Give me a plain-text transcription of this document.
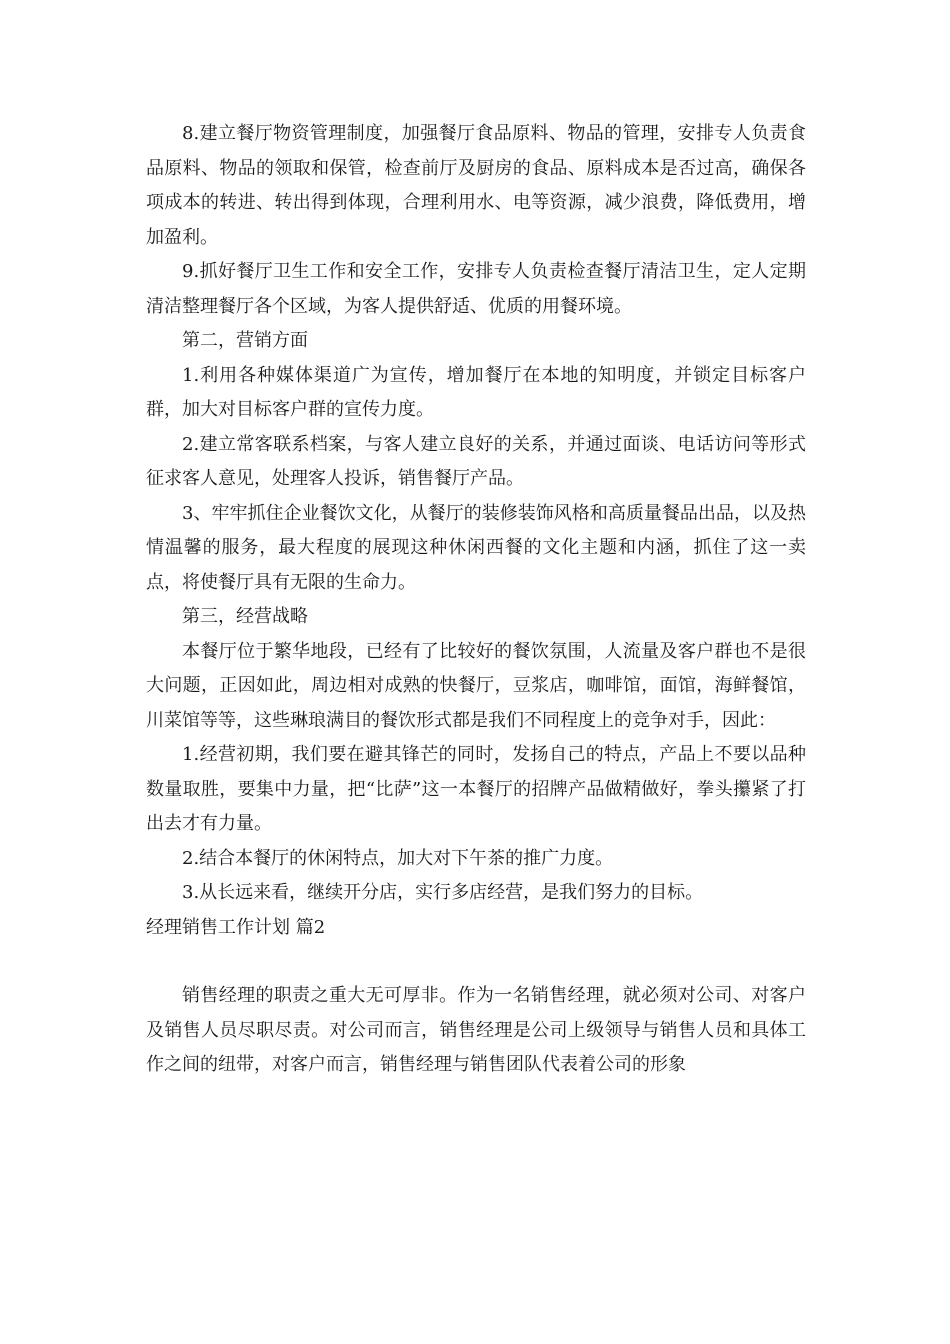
8.建立餐厅物资管理制度，加强餐厅食品原料、物品的管理，安排专人负责食品原料、物品的领取和保管，检查前厅及厨房的食品、原料成本是否过高，确保各项成本的转进、转出得到体现，合理利用水、电等资源，减少浪费，降低费用，增加盈利。

9.抓好餐厅卫生工作和安全工作，安排专人负责检查餐厅清洁卫生，定人定期清洁整理餐厅各个区域，为客人提供舒适、优质的用餐环境。

第二，营销方面

1.利用各种媒体渠道广为宣传，增加餐厅在本地的知明度，并锁定目标客户群，加大对目标客户群的宣传力度。

2.建立常客联系档案，与客人建立良好的关系，并通过面谈、电话访问等形式征求客人意见，处理客人投诉，销售餐厅产品。

3、牢牢抓住企业餐饮文化，从餐厅的装修装饰风格和高质量餐品出品，以及热情温馨的服务，最大程度的展现这种休闲西餐的文化主题和内涵，抓住了这一卖点，将使餐厅具有无限的生命力。

第三，经营战略

本餐厅位于繁华地段，已经有了比较好的餐饮氛围，人流量及客户群也不是很大问题，正因如此，周边相对成熟的快餐厅，豆浆店，咖啡馆，面馆，海鲜餐馆，川菜馆等等，这些琳琅满目的餐饮形式都是我们不同程度上的竞争对手，因此：

1.经营初期，我们要在避其锋芒的同时，发扬自己的特点，产品上不要以品种数量取胜，要集中力量，把“比萨”这一本餐厅的招牌产品做精做好，拳头攥紧了打出去才有力量。

2.结合本餐厅的休闲特点，加大对下午茶的推广力度。

3.从长远来看，继续开分店，实行多店经营，是我们努力的目标。

经理销售工作计划 篇2

销售经理的职责之重大无可厚非。作为一名销售经理，就必须对公司、对客户及销售人员尽职尽责。对公司而言，销售经理是公司上级领导与销售人员和具体工作之间的纽带，对客户而言，销售经理与销售团队代表着公司的形象
